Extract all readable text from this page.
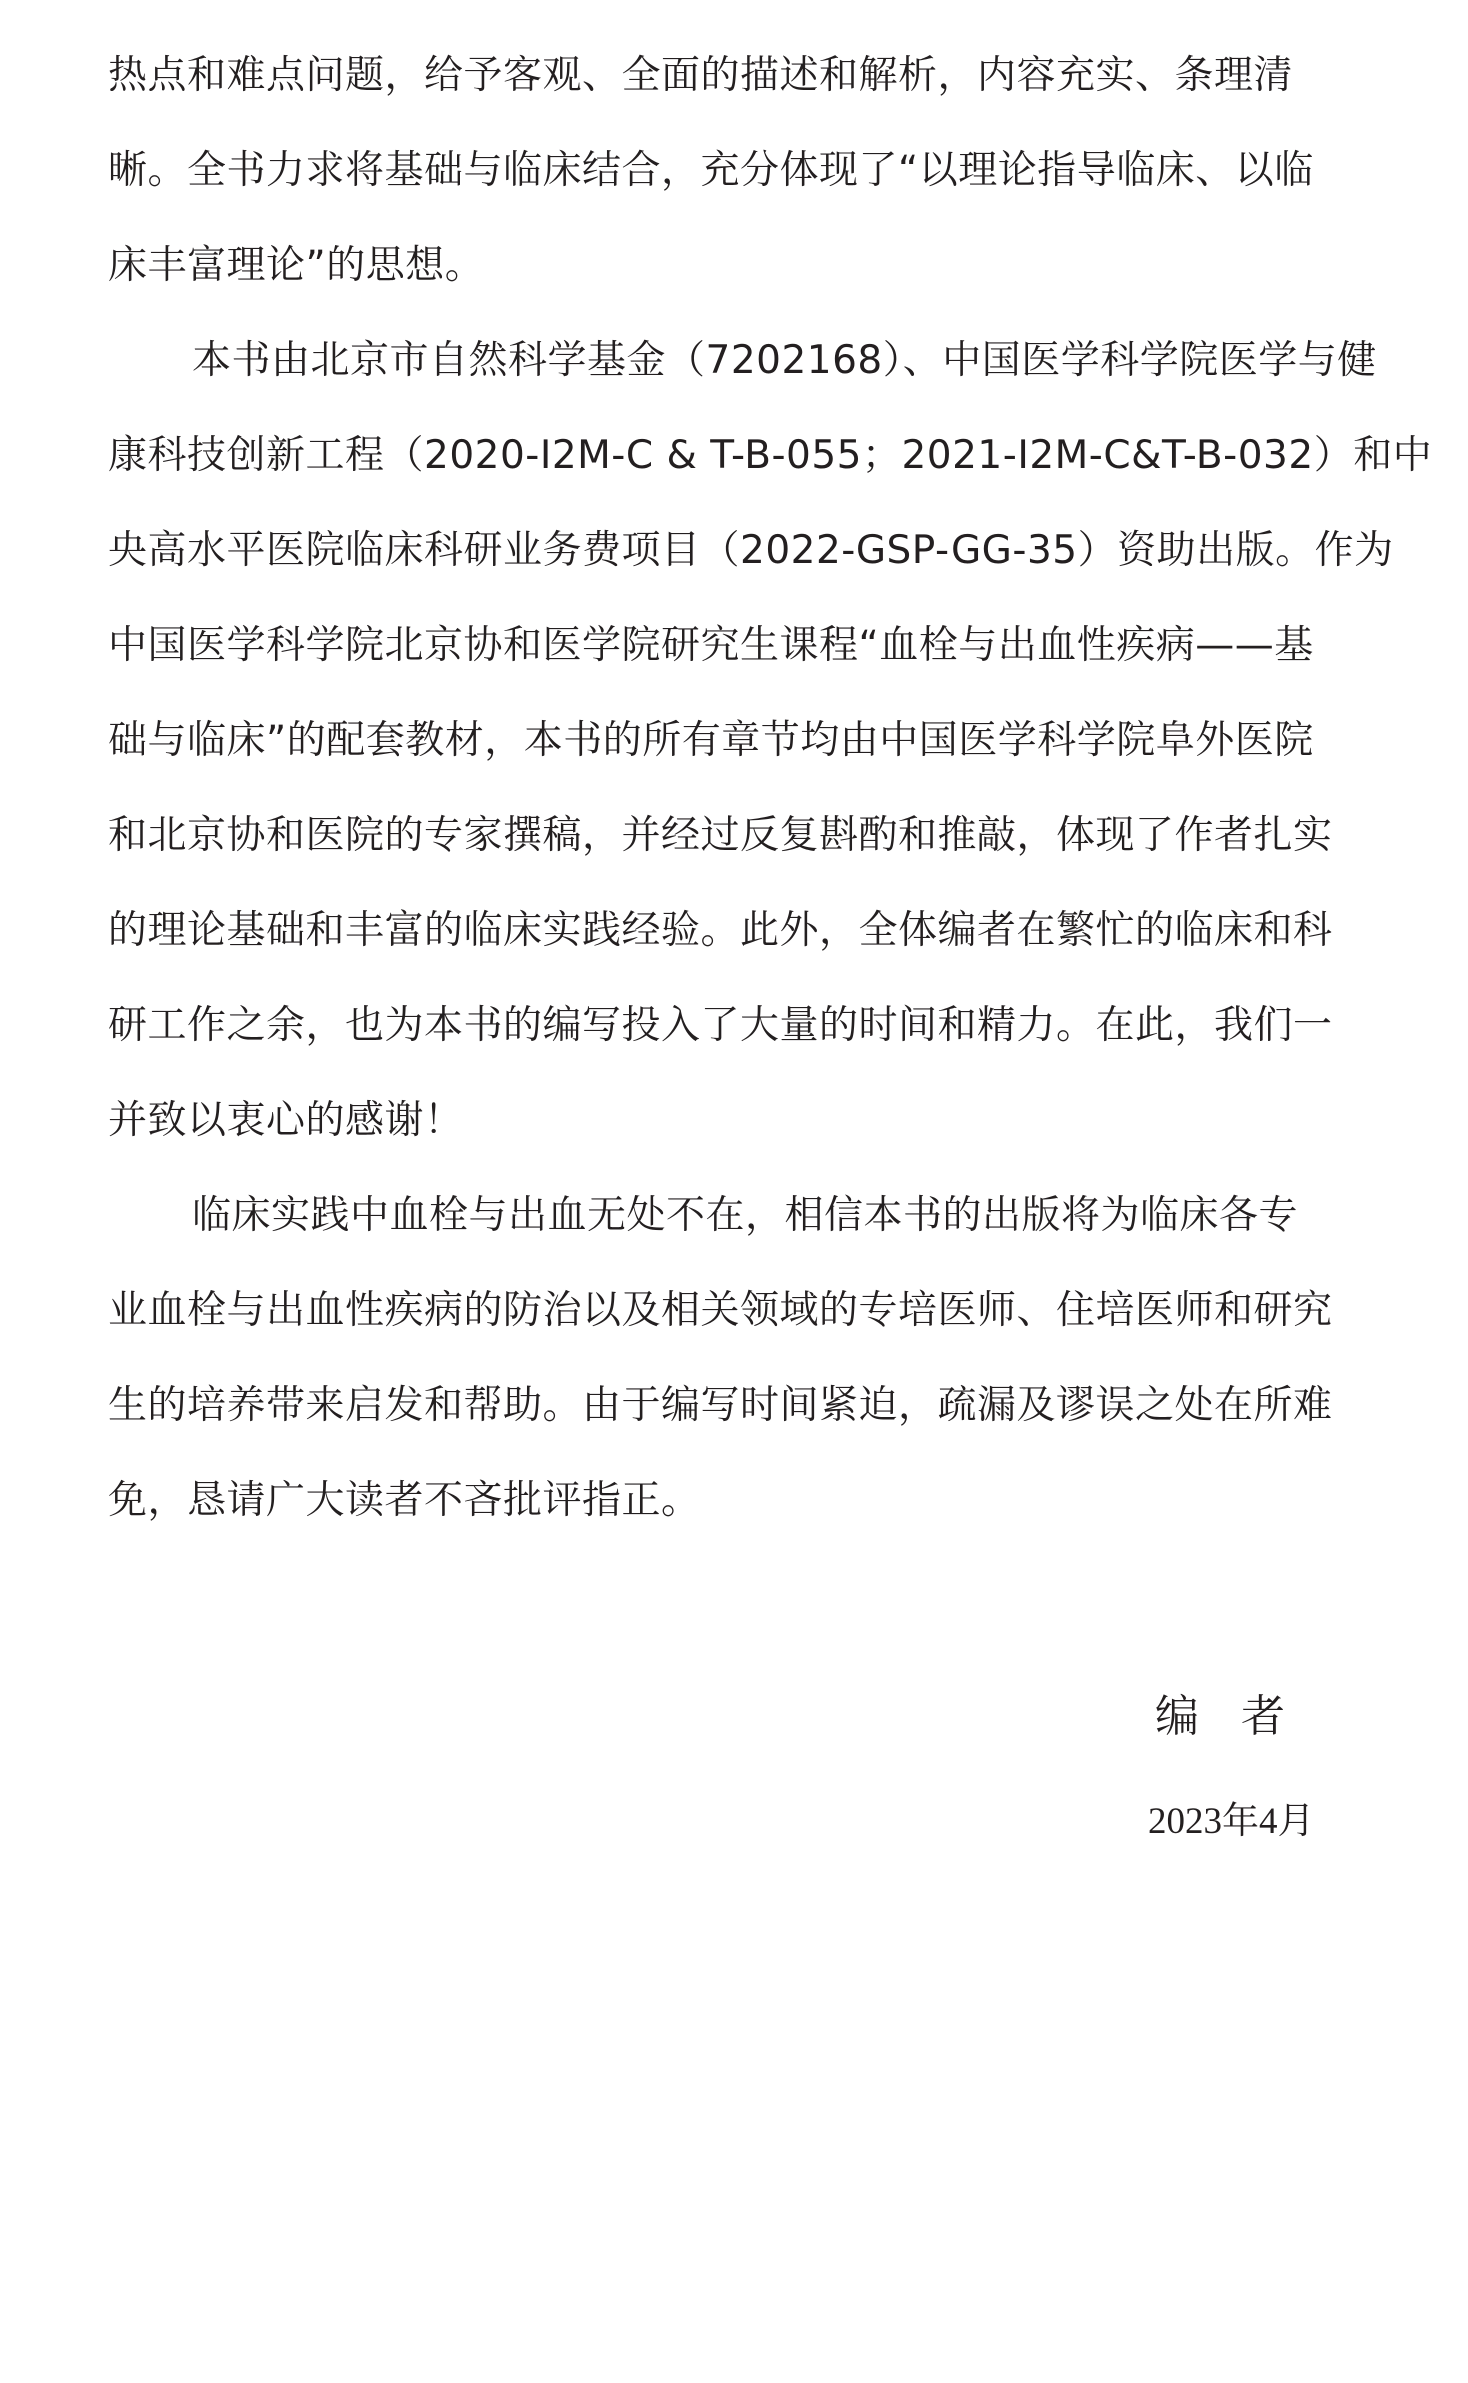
热点和难点问题，给予客观、全面的描述和解析，内容充实、条理清
晰。全书力求将基础与临床结合，充分体现了“以理论指导临床、以临
床丰富理论”的思想。
本书由北京市自然科学基金（7202168）、中国医学科学院医学与健
康科技创新工程（2020-I2M-C & T-B-055；2021-I2M-C&T-B-032）和中
央高水平医院临床科研业务费项目（2022-GSP-GG-35）资助出版。作为
中国医学科学院北京协和医学院研究生课程“血栓与出血性疾病——基
础与临床”的配套教材，本书的所有章节均由中国医学科学院阜外医院
和北京协和医院的专家撰稿，并经过反复斟酌和推敲，体现了作者扎实
的理论基础和丰富的临床实践经验。此外，全体编者在繁忙的临床和科
研工作之余，也为本书的编写投入了大量的时间和精力。在此，我们一
并致以衷心的感谢！
临床实践中血栓与出血无处不在，相信本书的出版将为临床各专
业血栓与出血性疾病的防治以及相关领域的专培医师、住培医师和研究
生的培养带来启发和帮助。由于编写时间紧迫，疏漏及谬误之处在所难
免，恳请广大读者不吝批评指正。
编者
2023年4月
